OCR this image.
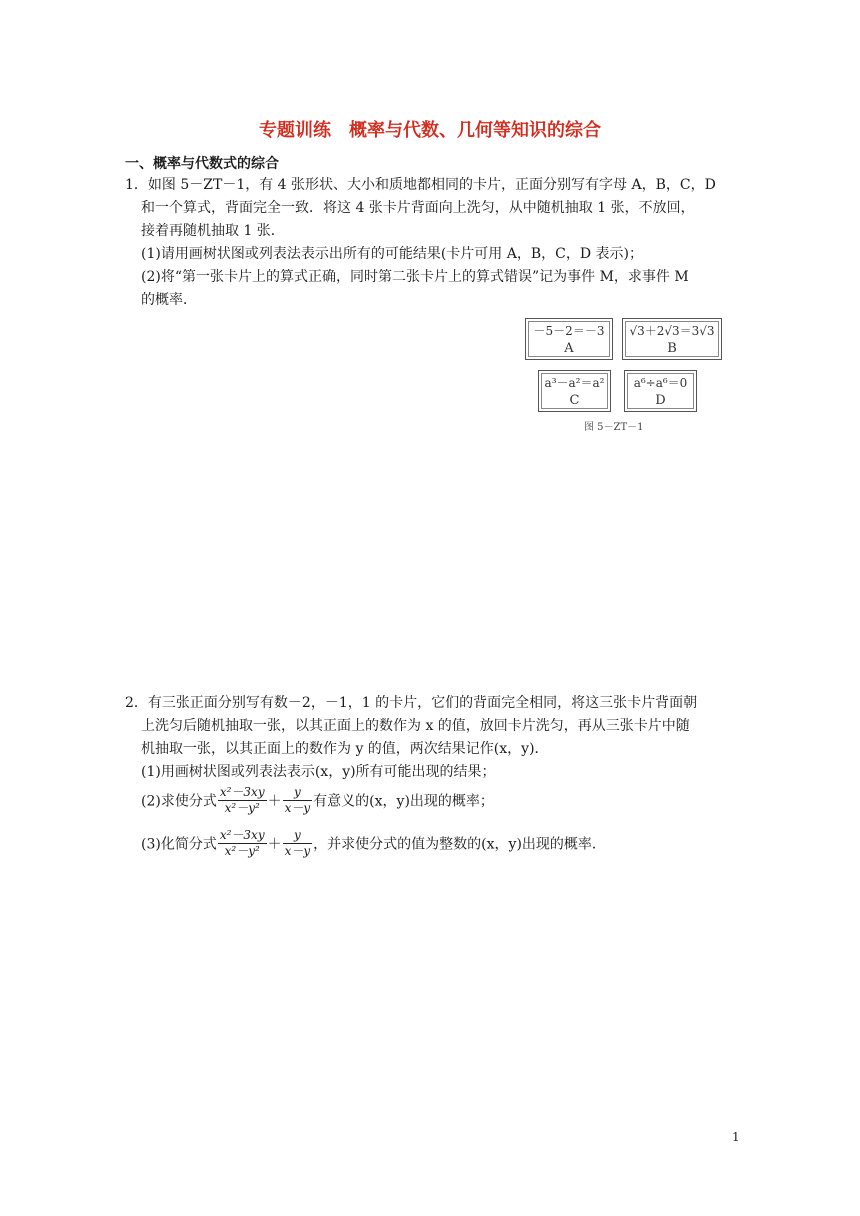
专题训练　概率与代数、几何等知识的综合
一、概率与代数式的综合
1．如图 5－ZT－1，有 4 张形状、大小和质地都相同的卡片，正面分别写有字母 A，B，C，D
和一个算式，背面完全一致．将这 4 张卡片背面向上洗匀，从中随机抽取 1 张，不放回，
接着再随机抽取 1 张．
(1)请用画树状图或列表法表示出所有的可能结果(卡片可用 A，B，C，D 表示)；
(2)将“第一张卡片上的算式正确，同时第二张卡片上的算式错误”记为事件 M，求事件 M
的概率．
－5－2＝－3
A
√3＋2√3＝3√3
B
a³－a²＝a²
C
a⁶÷a⁶＝0
D
图 5－ZT－1
2．有三张正面分别写有数－2，－1，1 的卡片，它们的背面完全相同，将这三张卡片背面朝
上洗匀后随机抽取一张，以其正面上的数作为 x 的值，放回卡片洗匀，再从三张卡片中随
机抽取一张，以其正面上的数作为 y 的值，两次结果记作(x，y)．
(1)用画树状图或列表法表示(x，y)所有可能出现的结果；
(2)求使分式 $\frac{\text{x²－3xy}}{\text{x²－y²}} + \frac{y}{x-y}$ 有意义的(x，y)出现的概率；
(3)化简分式 $\frac{\text{x²－3xy}}{\text{x²－y²}} + \frac{y}{x-y}$ ，并求使分式的值为整数的(x，y)出现的概率．
1
